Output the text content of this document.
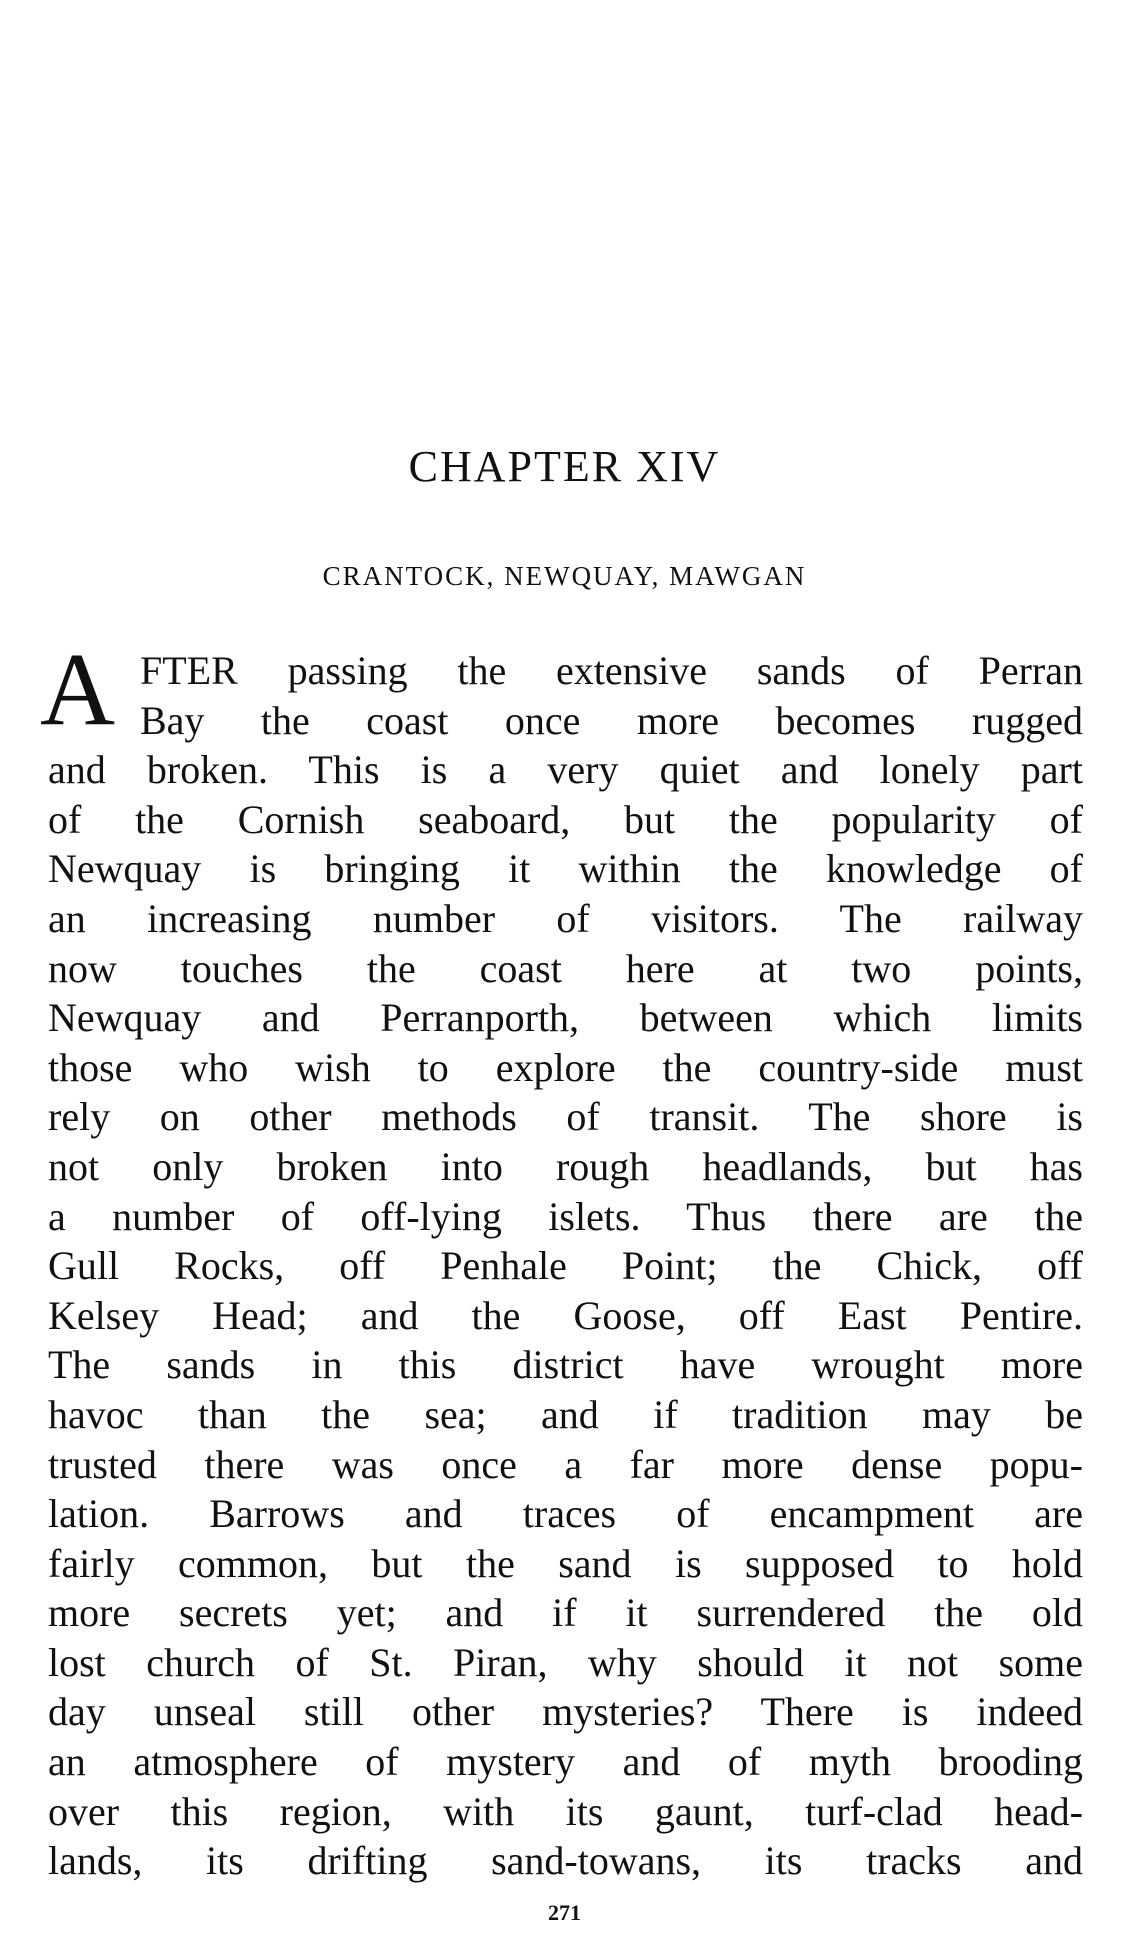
CHAPTER XIV
CRANTOCK, NEWQUAY, MAWGAN
A FTER passing the extensive sands of Perran
Bay the coast once more becomes rugged
and broken. This is a very quiet and lonely part
of the Cornish seaboard, but the popularity of
Newquay is bringing it within the knowledge of
an increasing number of visitors. The railway
now touches the coast here at two points,
Newquay and Perranporth, between which limits
those who wish to explore the country-side must
rely on other methods of transit. The shore is
not only broken into rough headlands, but has
a number of off-lying islets. Thus there are the
Gull Rocks, off Penhale Point; the Chick, off
Kelsey Head; and the Goose, off East Pentire.
The sands in this district have wrought more
havoc than the sea; and if tradition may be
trusted there was once a far more dense popu-
lation. Barrows and traces of encampment are
fairly common, but the sand is supposed to hold
more secrets yet; and if it surrendered the old
lost church of St. Piran, why should it not some
day unseal still other mysteries? There is indeed
an atmosphere of mystery and of myth brooding
over this region, with its gaunt, turf-clad head-
lands, its drifting sand-towans, its tracks and
271
